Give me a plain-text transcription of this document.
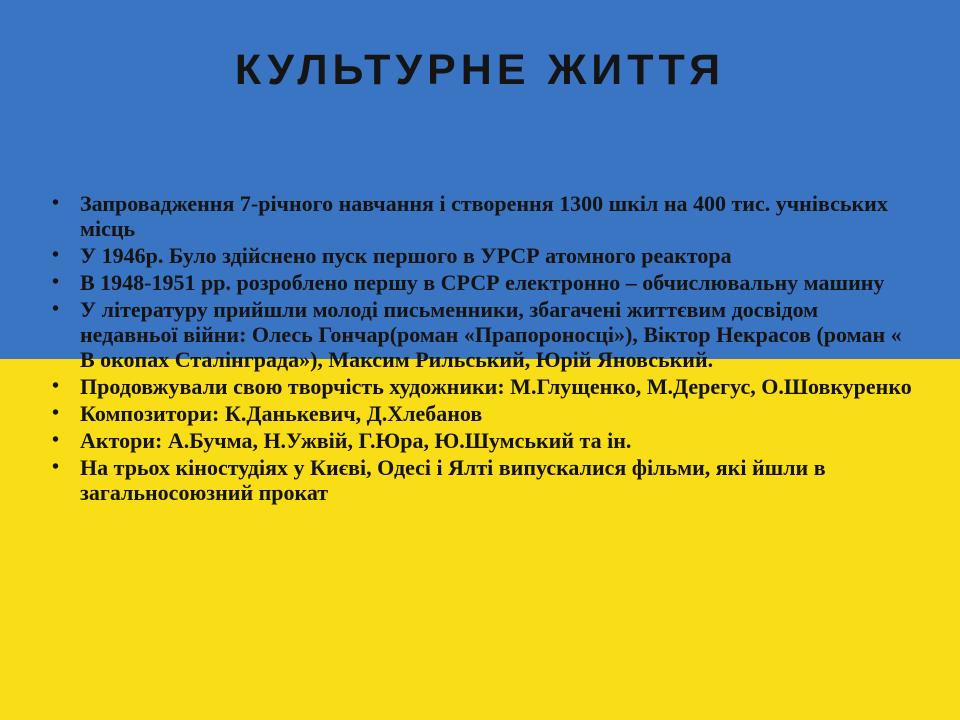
КУЛЬТУРНЕ ЖИТТЯ
• Запровадження 7-річного навчання і створення 1300 шкіл на 400 тис. учнівських місць
• У 1946р. Було здійснено пуск першого в УРСР атомного реактора
• В 1948-1951 рр. розроблено першу в СРСР електронно – обчислювальну машину
• У літературу прийшли молоді письменники, збагачені життєвим досвідом недавньої війни: Олесь Гончар(роман «Прапороносці»), Віктор Некрасов (роман « В окопах Сталінграда»), Максим Рильський, Юрій Яновський.
• Продовжували свою творчість художники: М.Глущенко, М.Дерегус, О.Шовкуренко
• Композитори: К.Данькевич, Д.Хлебанов
• Актори: А.Бучма, Н.Ужвій, Г.Юра, Ю.Шумський та ін.
• На трьох кіностудіях у Києві, Одесі і Ялті випускалися фільми, які йшли в загальносоюзний прокат
